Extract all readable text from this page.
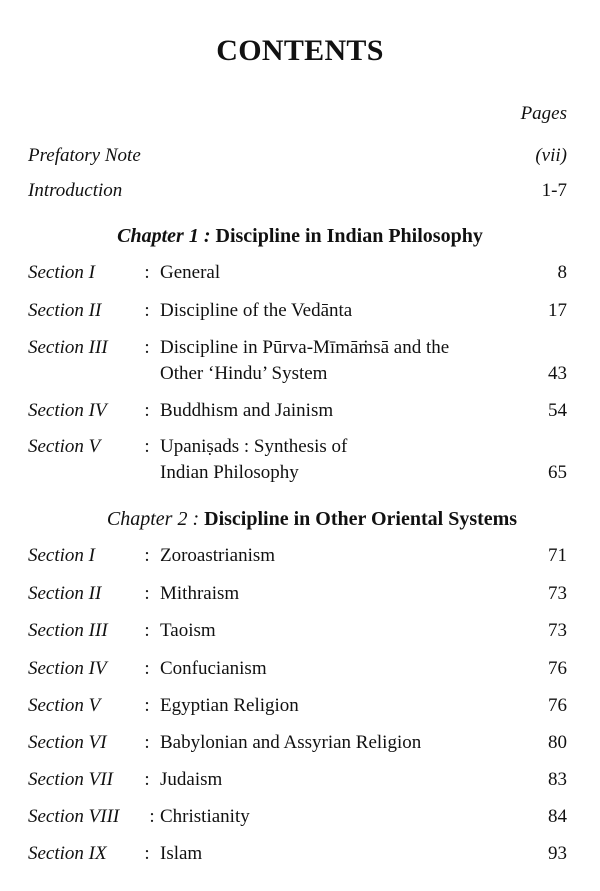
CONTENTS
Pages
Prefatory Note	(vii)
Introduction	1-7
Chapter 1 : Discipline in Indian Philosophy
Section I	: General	8
Section II : Discipline of the Vedānta	17
Section III : Discipline in Pūrva-Mīmāṁsā and the
Other ‘Hindu’ System	43
Section IV : Buddhism and Jainism	54
Section V : Upaniṣads : Synthesis of
Indian Philosophy	65
Chapter 2 : Discipline in Other Oriental Systems
Section I	: Zoroastrianism	71
Section II : Mithraism	73
Section III : Taoism	73
Section IV : Confucianism	76
Section V : Egyptian Religion	76
Section VI : Babylonian and Assyrian Religion	80
Section VII : Judaism	83
Section VIII : Christianity	84
Section IX : Islam	93
